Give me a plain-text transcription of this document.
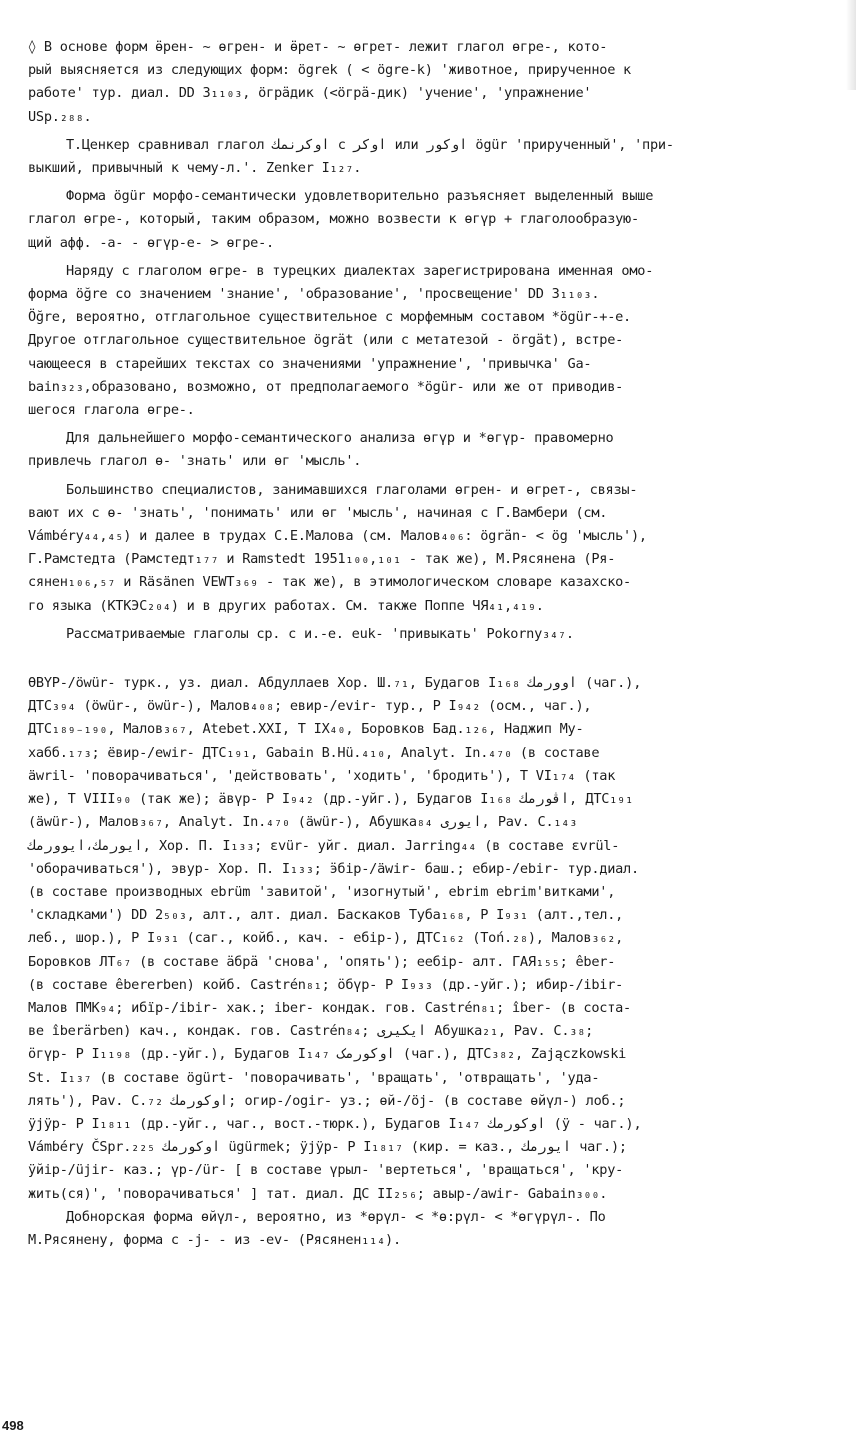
◊ В основе форм ӫрен- ~ өгрен- и ӫрет- ~ өгрет- лежит глагол өгре-, кото-
рый выясняется из следующих форм: ögrek ( < ögre-k) 'животное, прирученное к
работе' тур. диал. DD 3₁₁₀₃, öгрӓдик (<öгрӓ-дик) 'учение', 'упражнение'
USp.₂₈₈.
Т.Ценкер сравнивал глагол اوكرنمك с اوكر или اوكور ögür 'прирученный', 'при-
выкший, привычный к чему-л.'. Zenker I₁₂₇.
Форма ögür морфо-семантически удовлетворительно разъясняет выделенный выше
глагол өгре-, который, таким образом, можно возвести к өгүр + глаголообразую-
щий афф. -а- - өгүр-е- > өгре-.
Наряду с глаголом өгре- в турецких диалектах зарегистрирована именная омо-
форма öğre со значением 'знание', 'образование', 'просвещение' DD 3₁₁₀₃.
Öğre, вероятно, отглагольное существительное с морфемным составом *ögür-+-е.
Другое отглагольное существительное ögrӓt (или с метатезой - örgӓt), встре-
чающееся в старейших текстах со значениями 'упражнение', 'привычка' Ga-
bain₃₂₃,образовано, возможно, от предполагаемого *ögür- или же от приводив-
шегося глагола өгре-.
Для дальнейшего морфо-семантического анализа өгүр и *өгүр- правомерно
привлечь глагол ө- 'знать' или өг 'мысль'.
Большинство специалистов, занимавшихся глаголами өгрен- и өгрет-, связы-
вают их с ө- 'знать', 'понимать' или өг 'мысль', начиная с Г.Вамбери (см.
Vámbéry₄₄,₄₅) и далее в трудах С.Е.Малова (см. Малов₄₀₆: ögrӓn- < ög 'мысль'),
Г.Рамстедта (Рамстедт₁₇₇ и Ramstedt 1951₁₀₀,₁₀₁ - так же), М.Рясянена (Ря-
сянен₁₀₆,₅₇ и Räsänen VEWT₃₆₉ - так же), в этимологическом словаре казахско-
го языка (КТКЭС₂₀₄) и в других работах. См. также Поппе ЧЯ₄₁,₄₁₉.
Рассматриваемые глаголы ср. с и.-е. euk- 'привыкать' Pokorny₃₄₇.
ӨВҮР-/öwür- турк., уз. диал. Абдуллаев Хор. Ш.₇₁, Будагов I₁₆₈ اوورمك (чаг.),
ДТС₃₉₄ (öwür-, öwür-), Малов₄₀₈; евир-/evir- тур., Р I₉₄₂ (осм., чаг.),
ДТС₁₈₉₋₁₉₀, Малов₃₆₇, Atebet.XXI, T IX₄₀, Боровков Бад.₁₂₆, Наджип Му-
хабб.₁₇₃; ёвир-/ewir- ДТС₁₉₁, Gabain B.Hü.₄₁₀, Analyt. In.₄₇₀ (в составе
äwril- 'поворачиваться', 'действовать', 'ходить', 'бродить'), Т VI₁₇₄ (так
же), T VIII₉₀ (так же); ӓвүр- Р I₉₄₂ (др.-уйг.), Будагов I₁₆₈ اڤورمك, ДТС₁₉₁
(äwür-), Малов₃₆₇, Analyt. In.₄₇₀ (äwür-), Абушка₈₄ ايورى, Pav. C.₁₄₃
ايورمك،ايوورمك, Хор. П. I₁₃₃; εvür- уйг. диал. Jarring₄₄ (в составе εvrül-
'оборачиваться'), эвур- Хор. П. I₁₃₃; ӭбiр-/äwir- баш.; ебир-/ebir- тур.диал.
(в составе производных ebrüm 'завитой', 'изогнутый', ebrim ebrim'витками',
'складками') DD 2₅₀₃, алт., алт. диал. Баскаков Туба₁₆₈, Р I₉₃₁ (алт.,тел.,
леб., шор.), Р I₉₃₁ (саг., койб., кач. - ебір-), ДТС₁₆₂ (Тоń.₂₈), Малов₃₆₂,
Боровков ЛТ₆₇ (в составе ӓбрӓ 'снова', 'опять'); еебір- алт. ГАЯ₁₅₅; êber-
(в составе êbererben) койб. Castrén₈₁; ӧбүр- Р I₉₃₃ (др.-уйг.); ибир-/ibir-
Малов ПМК₉₄; ибїр-/ibir- хак.; iber- кондак. гов. Castrén₈₁; îber- (в соста-
ве îberӓrben) кач., кондак. гов. Castrén₈₄; ايكيرى Абушка₂₁, Pav. C.₃₈;
ӧгүр- Р I₁₁₉₈ (др.-уйг.), Будагов I₁₄₇ اوکورمک (чаг.), ДТС₃₈₂, Zajączkowski
St. I₁₃₇ (в составе ögürt- 'поворачивать', 'вращать', 'отвращать', 'уда-
лять'), Pav. C.₇₂ اوكورمك; огир-/ogir- уз.; өй-/öj- (в составе өйүл-) лоб.;
ӱјӱр- Р I₁₈₁₁ (др.-уйг., чаг., вост.-тюрк.), Будагов I₁₄₇ اوکورمك (ӱ - чаг.),
Vámbéry ČSpr.₂₂₅ اوكورمك ügürmek; ӱјӱр- Р I₁₈₁₇ (кир. = каз., ايورمك чаг.);
ӱйір-/üjir- каз.; үр-/ür- [ в составе үрыл- 'вертеться', 'вращаться', 'кру-
жить(ся)', 'поворачиваться' ] тат. диал. ДС II₂₅₆; авыр-/awir- Gabain₃₀₀.
Добнорская форма өйүл-, вероятно, из *өрүл- < *ө:рүл- < *өгүрүл-. По
М.Рясянену, форма с -j- - из -ev- (Рясянен₁₁₄).
498
